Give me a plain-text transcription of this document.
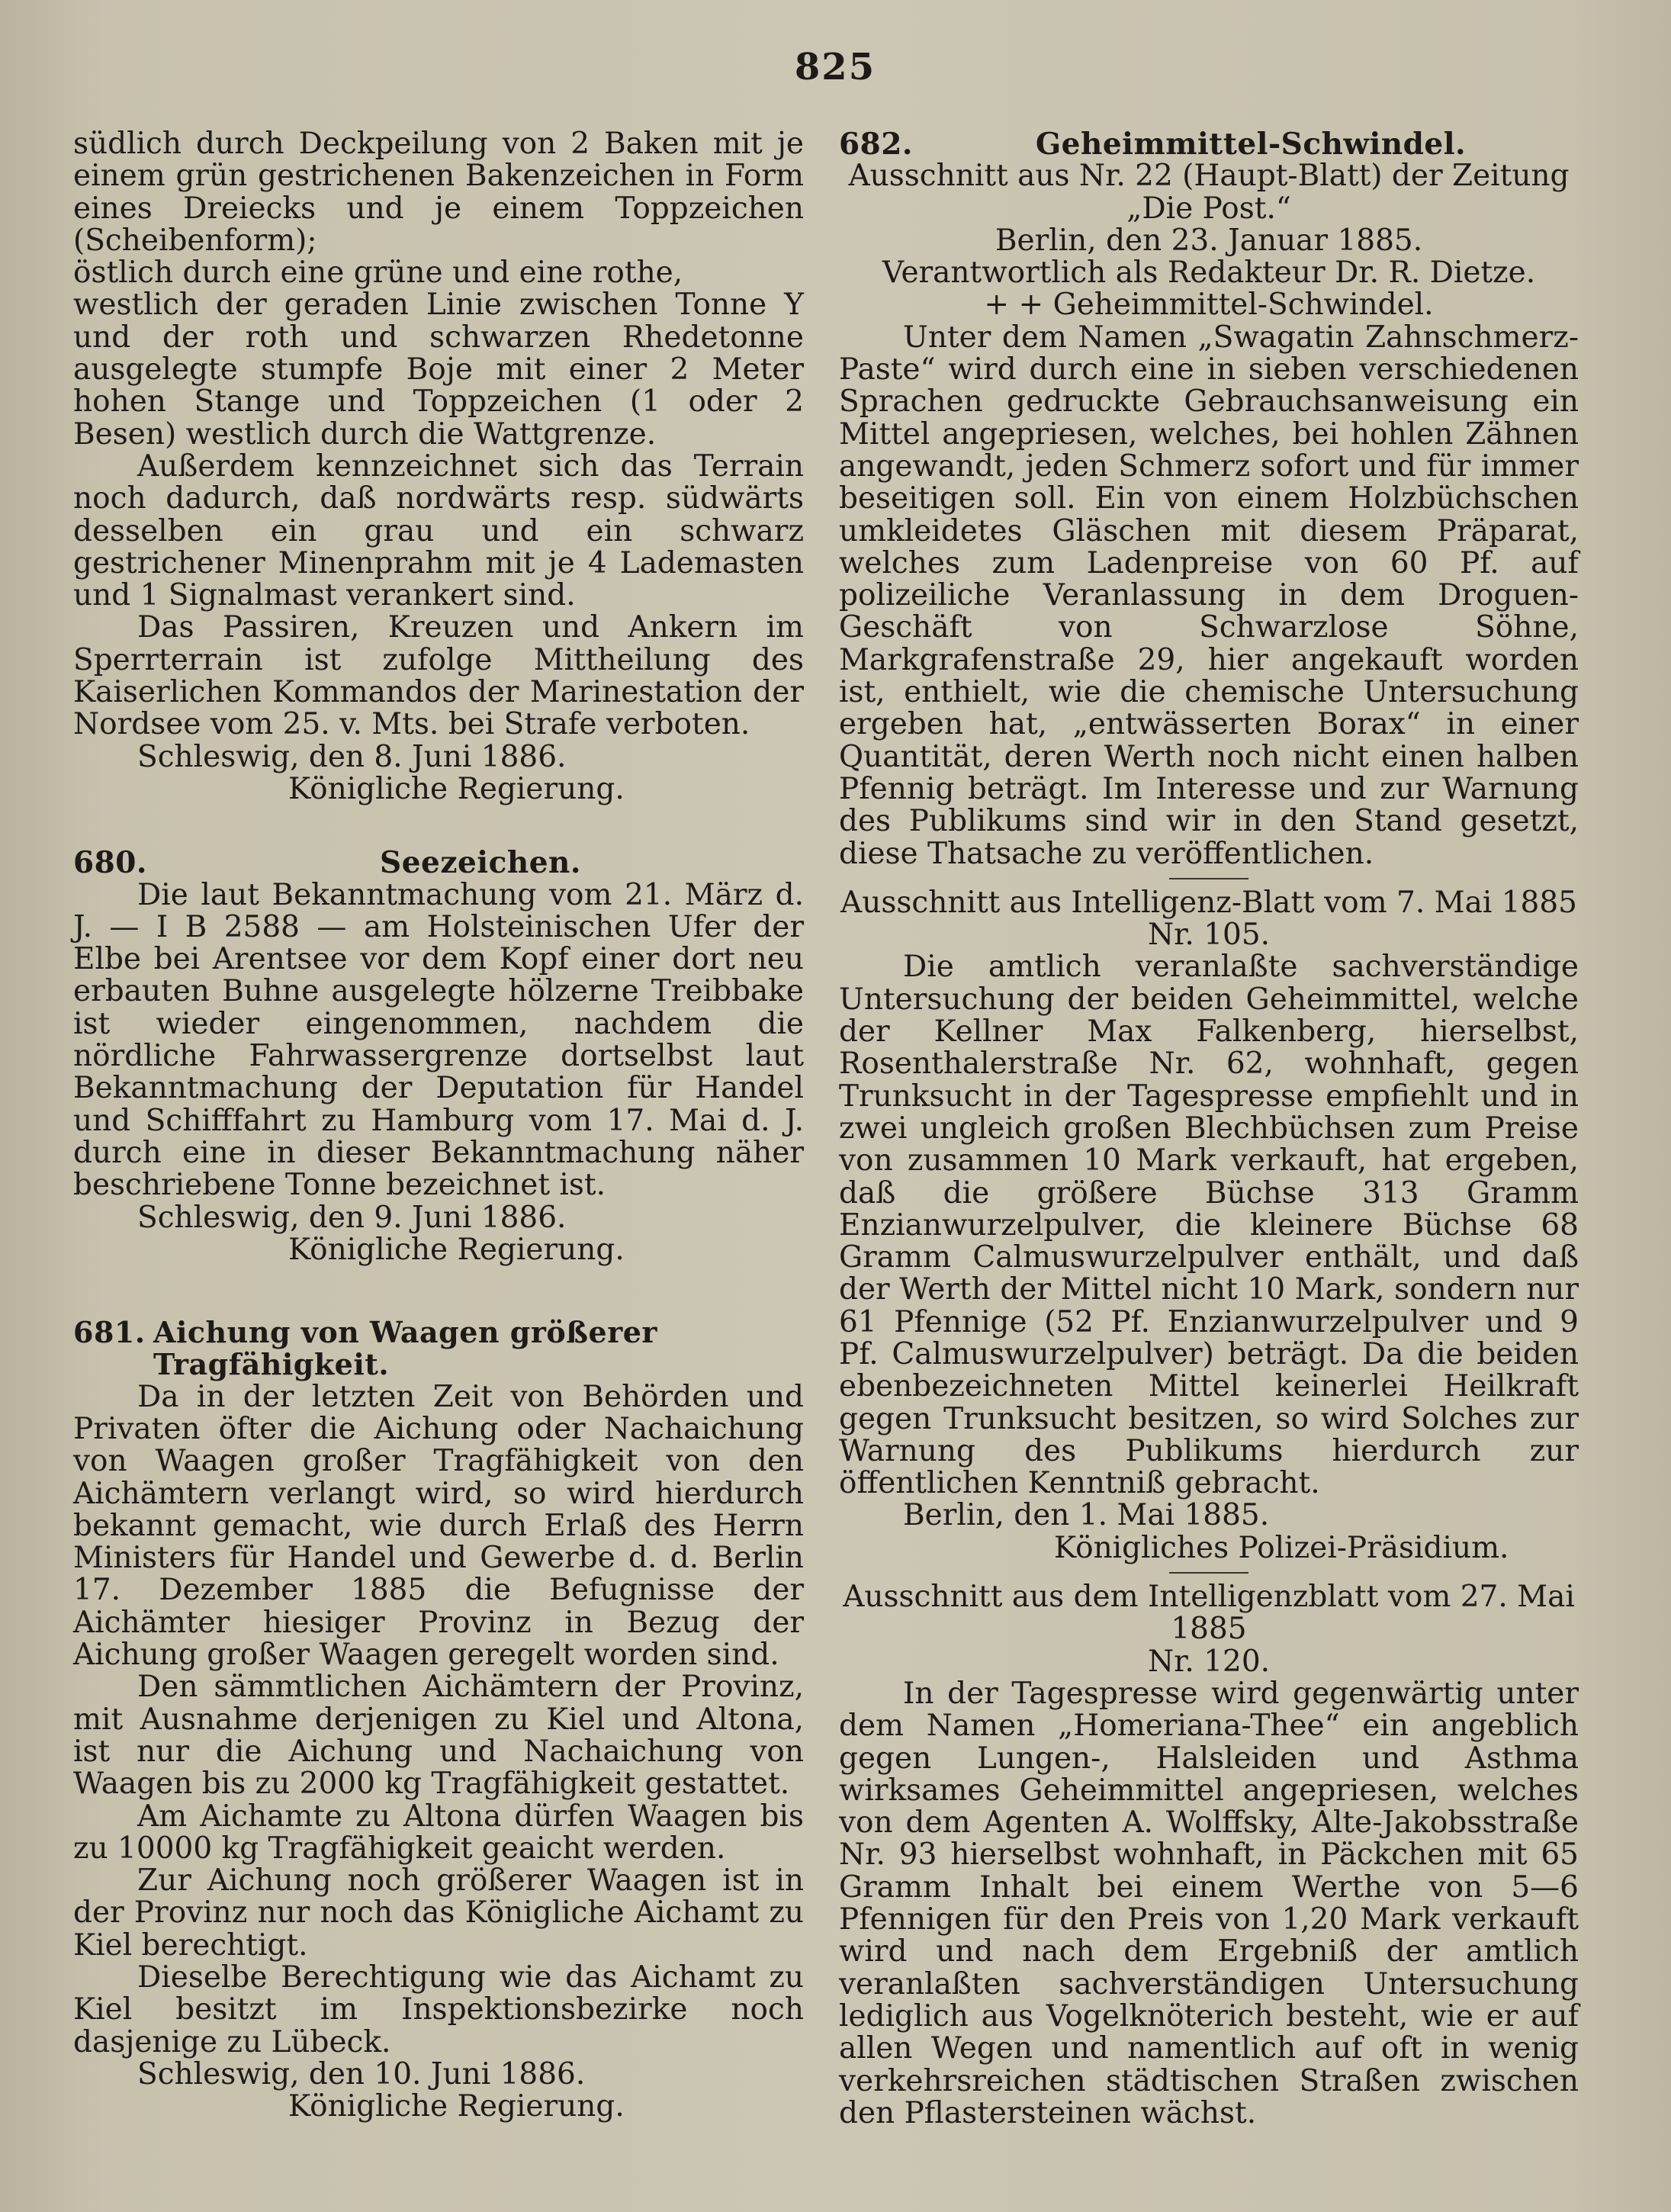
825

südlich durch Deckpeilung von 2 Baken mit je einem grün gestrichenen Bakenzeichen in Form eines Dreiecks und je einem Toppzeichen (Scheibenform);

östlich durch eine grüne und eine rothe,

westlich der geraden Linie zwischen Tonne Y und der roth und schwarzen Rhedetonne ausgelegte stumpfe Boje mit einer 2 Meter hohen Stange und Toppzeichen (1 oder 2 Besen) westlich durch die Wattgrenze.

Außerdem kennzeichnet sich das Terrain noch dadurch, daß nordwärts resp. südwärts desselben ein grau und ein schwarz gestrichener Minenprahm mit je 4 Lademasten und 1 Signalmast verankert sind.

Das Passiren, Kreuzen und Ankern im Sperrterrain ist zufolge Mittheilung des Kaiserlichen Kommandos der Marinestation der Nordsee vom 25. v. Mts. bei Strafe verboten.

Schleswig, den 8. Juni 1886.

Königliche Regierung.

680.	Seezeichen.

Die laut Bekanntmachung vom 21. März d. J. — I B 2588 — am Holsteinischen Ufer der Elbe bei Arentsee vor dem Kopf einer dort neu erbauten Buhne ausgelegte hölzerne Treibbake ist wieder eingenommen, nachdem die nördliche Fahrwassergrenze dortselbst laut Bekanntmachung der Deputation für Handel und Schifffahrt zu Hamburg vom 17. Mai d. J. durch eine in dieser Bekanntmachung näher beschriebene Tonne bezeichnet ist.

Schleswig, den 9. Juni 1886.

Königliche Regierung.

681. Aichung von Waagen größerer Tragfähigkeit.

Da in der letzten Zeit von Behörden und Privaten öfter die Aichung oder Nachaichung von Waagen großer Tragfähigkeit von den Aichämtern verlangt wird, so wird hierdurch bekannt gemacht, wie durch Erlaß des Herrn Ministers für Handel und Gewerbe d. d. Berlin 17. Dezember 1885 die Befugnisse der Aichämter hiesiger Provinz in Bezug der Aichung großer Waagen geregelt worden sind.

Den sämmtlichen Aichämtern der Provinz, mit Ausnahme derjenigen zu Kiel und Altona, ist nur die Aichung und Nachaichung von Waagen bis zu 2000 kg Tragfähigkeit gestattet.

Am Aichamte zu Altona dürfen Waagen bis zu 10000 kg Tragfähigkeit geaicht werden.

Zur Aichung noch größerer Waagen ist in der Provinz nur noch das Königliche Aichamt zu Kiel berechtigt.

Dieselbe Berechtigung wie das Aichamt zu Kiel besitzt im Inspektionsbezirke noch dasjenige zu Lübeck.

Schleswig, den 10. Juni 1886.

Königliche Regierung.

682.	Geheimmittel-Schwindel.

Ausschnitt aus Nr. 22 (Haupt-Blatt) der Zeitung „Die Post.“

Berlin, den 23. Januar 1885.

Verantwortlich als Redakteur Dr. R. Dietze.

+ + Geheimmittel-Schwindel.

Unter dem Namen „Swagatin Zahnschmerz-Paste“ wird durch eine in sieben verschiedenen Sprachen gedruckte Gebrauchsanweisung ein Mittel angepriesen, welches, bei hohlen Zähnen angewandt, jeden Schmerz sofort und für immer beseitigen soll. Ein von einem Holzbüchschen umkleidetes Gläschen mit diesem Präparat, welches zum Ladenpreise von 60 Pf. auf polizeiliche Veranlassung in dem Droguen-Geschäft von Schwarzlose Söhne, Markgrafenstraße 29, hier angekauft worden ist, enthielt, wie die chemische Untersuchung ergeben hat, „entwässerten Borax“ in einer Quantität, deren Werth noch nicht einen halben Pfennig beträgt. Im Interesse und zur Warnung des Publikums sind wir in den Stand gesetzt, diese Thatsache zu veröffentlichen.

Ausschnitt aus Intelligenz-Blatt vom 7. Mai 1885

Nr. 105.

Die amtlich veranlaßte sachverständige Untersuchung der beiden Geheimmittel, welche der Kellner Max Falkenberg, hierselbst, Rosenthalerstraße Nr. 62, wohnhaft, gegen Trunksucht in der Tagespresse empfiehlt und in zwei ungleich großen Blechbüchsen zum Preise von zusammen 10 Mark verkauft, hat ergeben, daß die größere Büchse 313 Gramm Enzianwurzelpulver, die kleinere Büchse 68 Gramm Calmuswurzelpulver enthält, und daß der Werth der Mittel nicht 10 Mark, sondern nur 61 Pfennige (52 Pf. Enzianwurzelpulver und 9 Pf. Calmuswurzelpulver) beträgt. Da die beiden ebenbezeichneten Mittel keinerlei Heilkraft gegen Trunksucht besitzen, so wird Solches zur Warnung des Publikums hierdurch zur öffentlichen Kenntniß gebracht.

Berlin, den 1. Mai 1885.

Königliches Polizei-Präsidium.

Ausschnitt aus dem Intelligenzblatt vom 27. Mai 1885

Nr. 120.

In der Tagespresse wird gegenwärtig unter dem Namen „Homeriana-Thee“ ein angeblich gegen Lungen-, Halsleiden und Asthma wirksames Geheimmittel angepriesen, welches von dem Agenten A. Wolffsky, Alte-Jakobsstraße Nr. 93 hierselbst wohnhaft, in Päckchen mit 65 Gramm Inhalt bei einem Werthe von 5—6 Pfennigen für den Preis von 1,20 Mark verkauft wird und nach dem Ergebniß der amtlich veranlaßten sachverständigen Untersuchung lediglich aus Vogelknöterich besteht, wie er auf allen Wegen und namentlich auf oft in wenig verkehrsreichen städtischen Straßen zwischen den Pflastersteinen wächst.
